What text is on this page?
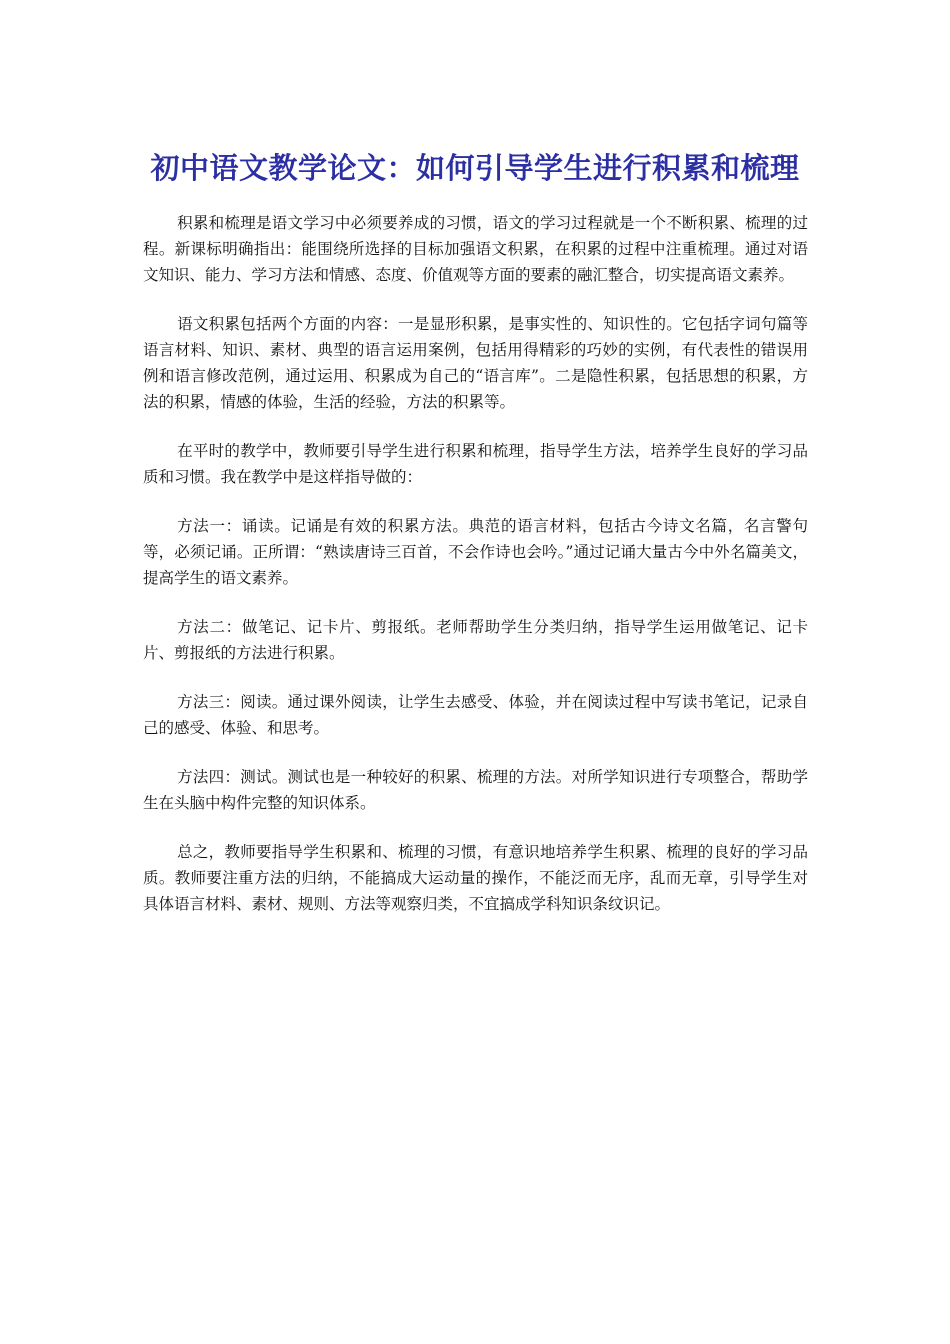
初中语文教学论文：如何引导学生进行积累和梳理

积累和梳理是语文学习中必须要养成的习惯，语文的学习过程就是一个不断积累、梳理的过程。新课标明确指出：能围绕所选择的目标加强语文积累，在积累的过程中注重梳理。通过对语文知识、能力、学习方法和情感、态度、价值观等方面的要素的融汇整合，切实提高语文素养。

语文积累包括两个方面的内容：一是显形积累，是事实性的、知识性的。它包括字词句篇等语言材料、知识、素材、典型的语言运用案例，包括用得精彩的巧妙的实例，有代表性的错误用例和语言修改范例，通过运用、积累成为自己的“语言库”。二是隐性积累，包括思想的积累，方法的积累，情感的体验，生活的经验，方法的积累等。

在平时的教学中，教师要引导学生进行积累和梳理，指导学生方法，培养学生良好的学习品质和习惯。我在教学中是这样指导做的：

方法一：诵读。记诵是有效的积累方法。典范的语言材料，包括古今诗文名篇，名言警句等，必须记诵。正所谓：“熟读唐诗三百首，不会作诗也会吟。”通过记诵大量古今中外名篇美文，提高学生的语文素养。

方法二：做笔记、记卡片、剪报纸。老师帮助学生分类归纳，指导学生运用做笔记、记卡片、剪报纸的方法进行积累。

方法三：阅读。通过课外阅读，让学生去感受、体验，并在阅读过程中写读书笔记，记录自己的感受、体验、和思考。

方法四：测试。测试也是一种较好的积累、梳理的方法。对所学知识进行专项整合，帮助学生在头脑中构件完整的知识体系。

总之，教师要指导学生积累和、梳理的习惯，有意识地培养学生积累、梳理的良好的学习品质。教师要注重方法的归纳，不能搞成大运动量的操作，不能泛而无序，乱而无章，引导学生对具体语言材料、素材、规则、方法等观察归类，不宜搞成学科知识条纹识记。
